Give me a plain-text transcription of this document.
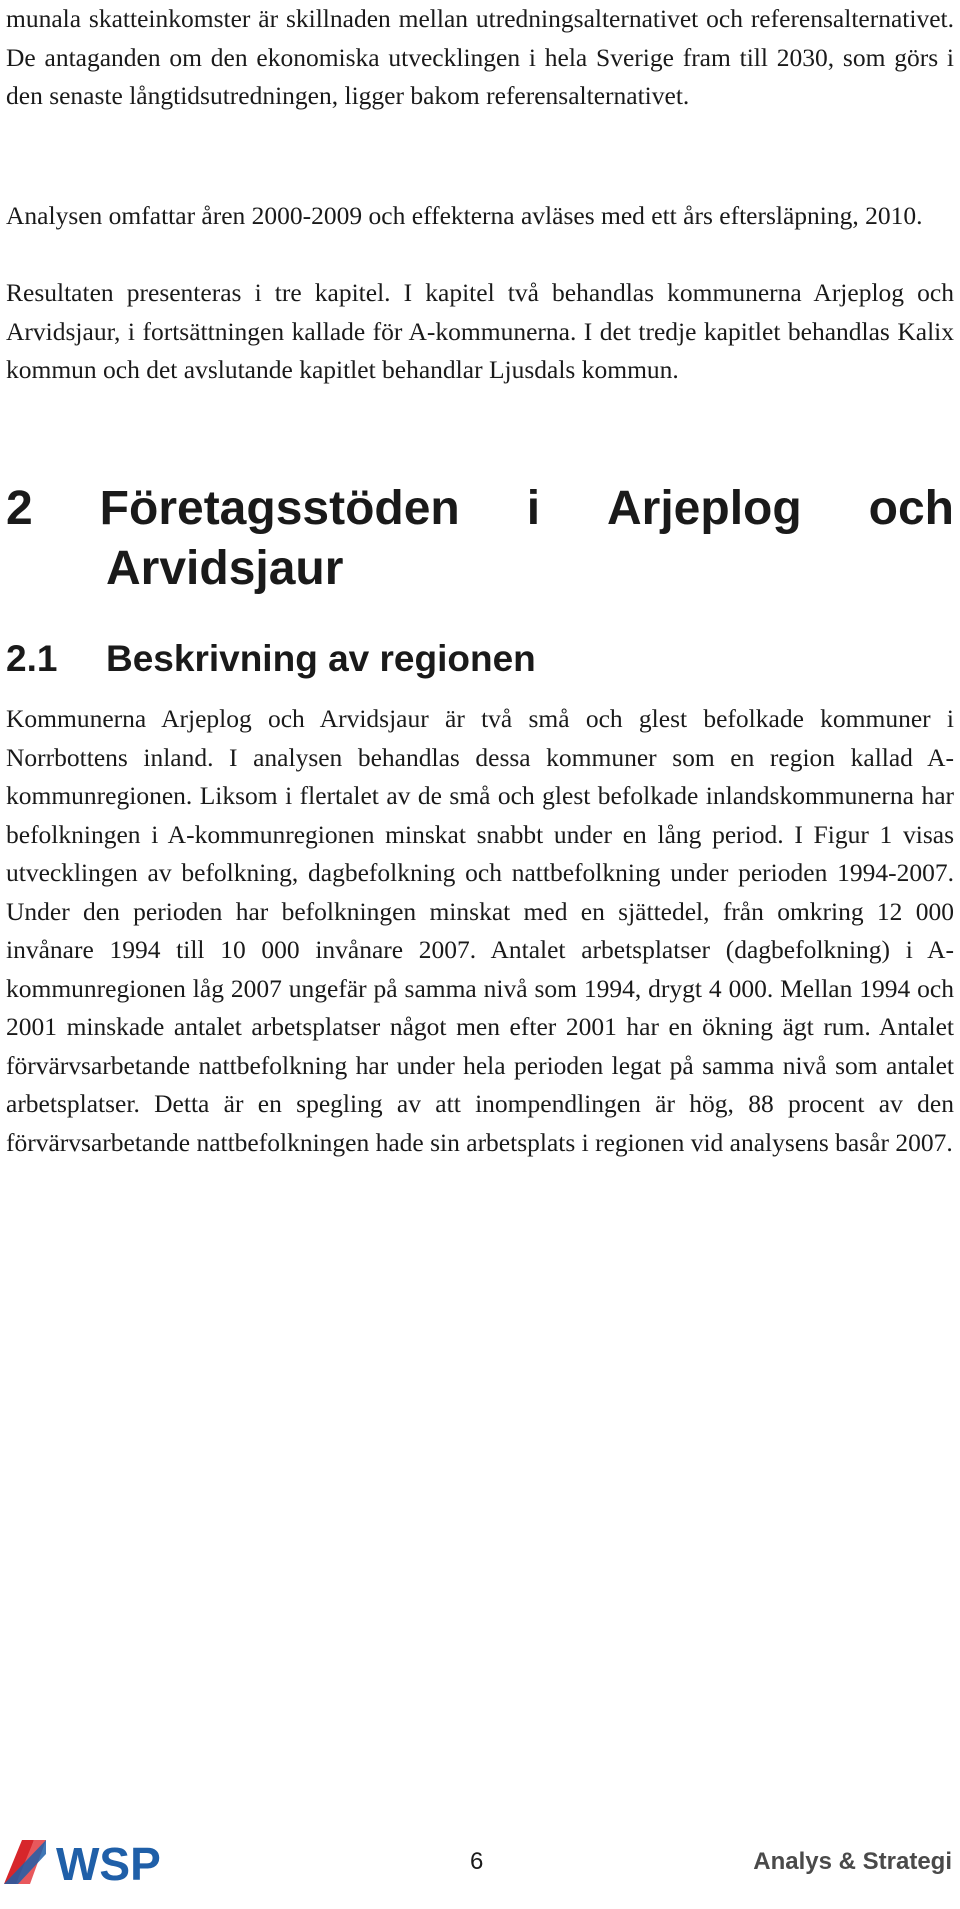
munala skatteinkomster är skillnaden mellan utredningsalternativet och referensalternativet. De antaganden om den ekonomiska utvecklingen i hela Sverige fram till 2030, som görs i den senaste långtidsutredningen, ligger bakom referensalternativet.

Analysen omfattar åren 2000-2009 och effekterna avläses med ett års eftersläpning, 2010.

Resultaten presenteras i tre kapitel. I kapitel två behandlas kommunerna Arjeplog och Arvidsjaur, i fortsättningen kallade för A-kommunerna. I det tredje kapitlet behandlas Kalix kommun och det avslutande kapitlet behandlar Ljusdals kommun.

2 Företagsstöden i Arjeplog och
Arvidsjaur
2.1 Beskrivning av regionen

Kommunerna Arjeplog och Arvidsjaur är två små och glest befolkade kommuner i Norrbottens inland. I analysen behandlas dessa kommuner som en region kallad A-kommunregionen. Liksom i flertalet av de små och glest befolkade inlandskommunerna har befolkningen i A-kommunregionen minskat snabbt under en lång period. I Figur 1 visas utvecklingen av befolkning, dagbefolkning och nattbefolkning under perioden 1994-2007. Under den perioden har befolkningen minskat med en sjättedel, från omkring 12 000 invånare 1994 till 10 000 invånare 2007. Antalet arbetsplatser (dagbefolkning) i A-kommunregionen låg 2007 ungefär på samma nivå som 1994, drygt 4 000. Mellan 1994 och 2001 minskade antalet arbetsplatser något men efter 2001 har en ökning ägt rum. Antalet förvärvsarbetande nattbefolkning har under hela perioden legat på samma nivå som antalet arbetsplatser. Detta är en spegling av att inompendlingen är hög, 88 procent av den förvärvsarbetande nattbefolkningen hade sin arbetsplats i regionen vid analysens basår 2007.

WSP	6	Analys & Strategi
